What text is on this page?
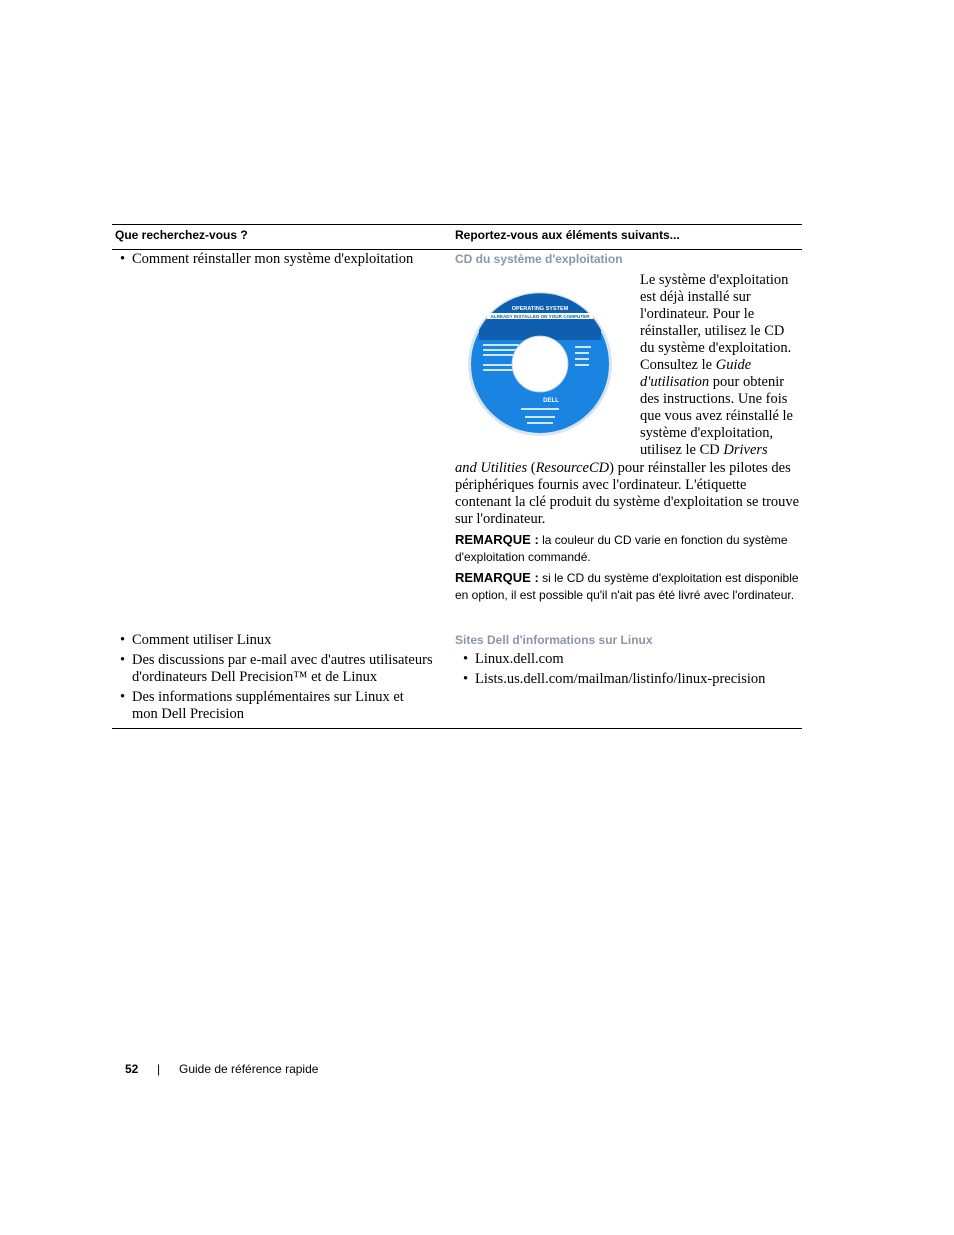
Que recherchez-vous ?	Reportez-vous aux éléments suivants...
• Comment réinstaller mon système d'exploitation	CD du système d'exploitation
OPERATING SYSTEM
ALREADY INSTALLED ON YOUR COMPUTER
DELL
Le système d'exploitation est déjà installé sur l'ordinateur. Pour le réinstaller, utilisez le CD du système d'exploitation. Consultez le Guide d'utilisation pour obtenir des instructions. Une fois que vous avez réinstallé le système d'exploitation, utilisez le CD Drivers
and Utilities (ResourceCD) pour réinstaller les pilotes des périphériques fournis avec l'ordinateur. L'étiquette contenant la clé produit du système d'exploitation se trouve sur l'ordinateur.
REMARQUE : la couleur du CD varie en fonction du système d'exploitation commandé.
REMARQUE : si le CD du système d'exploitation est disponible en option, il est possible qu'il n'ait pas été livré avec l'ordinateur.
• Comment utiliser Linux
• Des discussions par e-mail avec d'autres utilisateurs d'ordinateurs Dell Precision™ et de Linux
• Des informations supplémentaires sur Linux et mon Dell Precision
Sites Dell d'informations sur Linux
• Linux.dell.com
• Lists.us.dell.com/mailman/listinfo/linux-precision
52 | Guide de référence rapide
